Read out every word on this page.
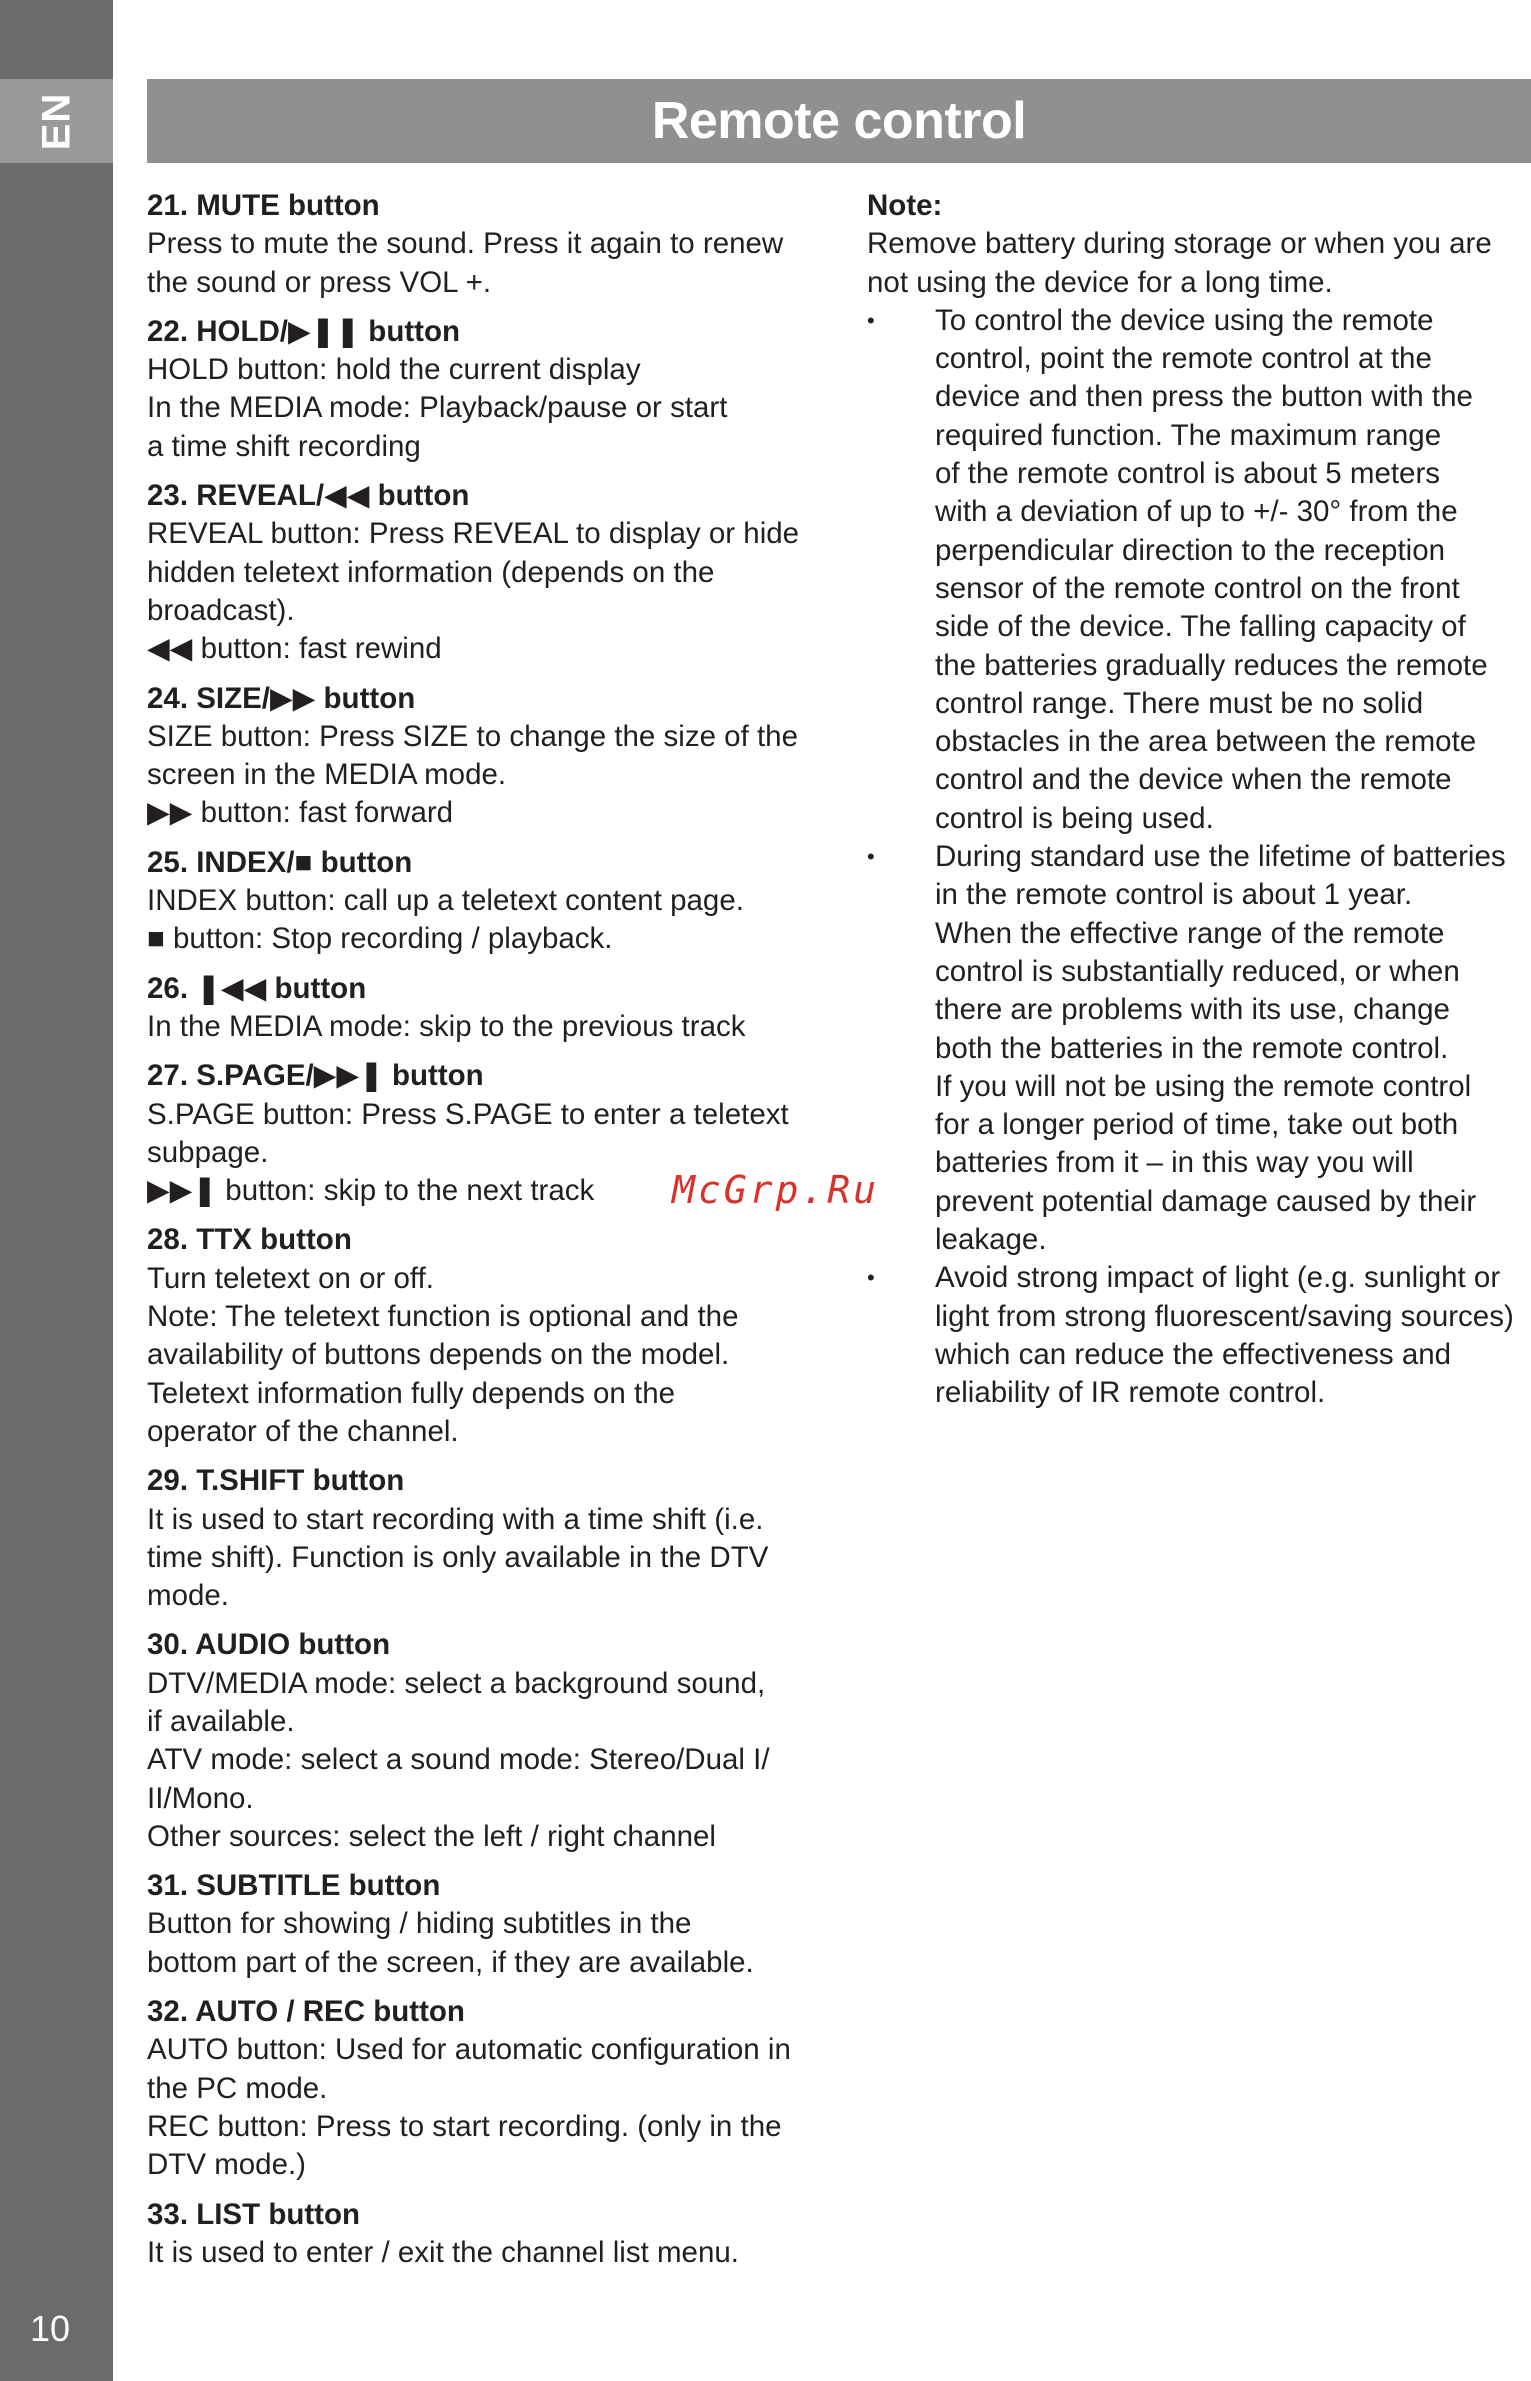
EN
10
Remote control
21. MUTE button
Press to mute the sound. Press it again to renew
the sound or press VOL +.
22. HOLD/▶❚❚ button
HOLD button: hold the current display
In the MEDIA mode: Playback/pause or start
a time shift recording
23. REVEAL/◀◀ button
REVEAL button: Press REVEAL to display or hide
hidden teletext information (depends on the
broadcast).
◀◀ button: fast rewind
24. SIZE/▶▶ button
SIZE button: Press SIZE to change the size of the
screen in the MEDIA mode.
▶▶ button: fast forward
25. INDEX/■ button
INDEX button: call up a teletext content page.
■ button: Stop recording / playback.
26. ❚◀◀ button
In the MEDIA mode: skip to the previous track
27. S.PAGE/▶▶❚ button
S.PAGE button: Press S.PAGE to enter a teletext
subpage.
▶▶❚ button: skip to the next track
28. TTX button
Turn teletext on or off.
Note: The teletext function is optional and the
availability of buttons depends on the model.
Teletext information fully depends on the
operator of the channel.
29. T.SHIFT button
It is used to start recording with a time shift (i.e.
time shift). Function is only available in the DTV
mode.
30. AUDIO button
DTV/MEDIA mode: select a background sound,
if available.
ATV mode: select a sound mode: Stereo/Dual I/
II/Mono.
Other sources: select the left / right channel
31. SUBTITLE button
Button for showing / hiding subtitles in the
bottom part of the screen, if they are available.
32. AUTO / REC button
AUTO button: Used for automatic configuration in
the PC mode.
REC button: Press to start recording. (only in the
DTV mode.)
33. LIST button
It is used to enter / exit the channel list menu.
Note:
Remove battery during storage or when you are
not using the device for a long time.
•	To control the device using the remote
control, point the remote control at the
device and then press the button with the
required function. The maximum range
of the remote control is about 5 meters
with a deviation of up to +/- 30° from the
perpendicular direction to the reception
sensor of the remote control on the front
side of the device. The falling capacity of
the batteries gradually reduces the remote
control range. There must be no solid
obstacles in the area between the remote
control and the device when the remote
control is being used.
•	During standard use the lifetime of batteries
in the remote control is about 1 year.
When the effective range of the remote
control is substantially reduced, or when
there are problems with its use, change
both the batteries in the remote control.
If you will not be using the remote control
for a longer period of time, take out both
batteries from it – in this way you will
prevent potential damage caused by their
leakage.
•	Avoid strong impact of light (e.g. sunlight or
light from strong fluorescent/saving sources)
which can reduce the effectiveness and
reliability of IR remote control.
McGrp.Ru
